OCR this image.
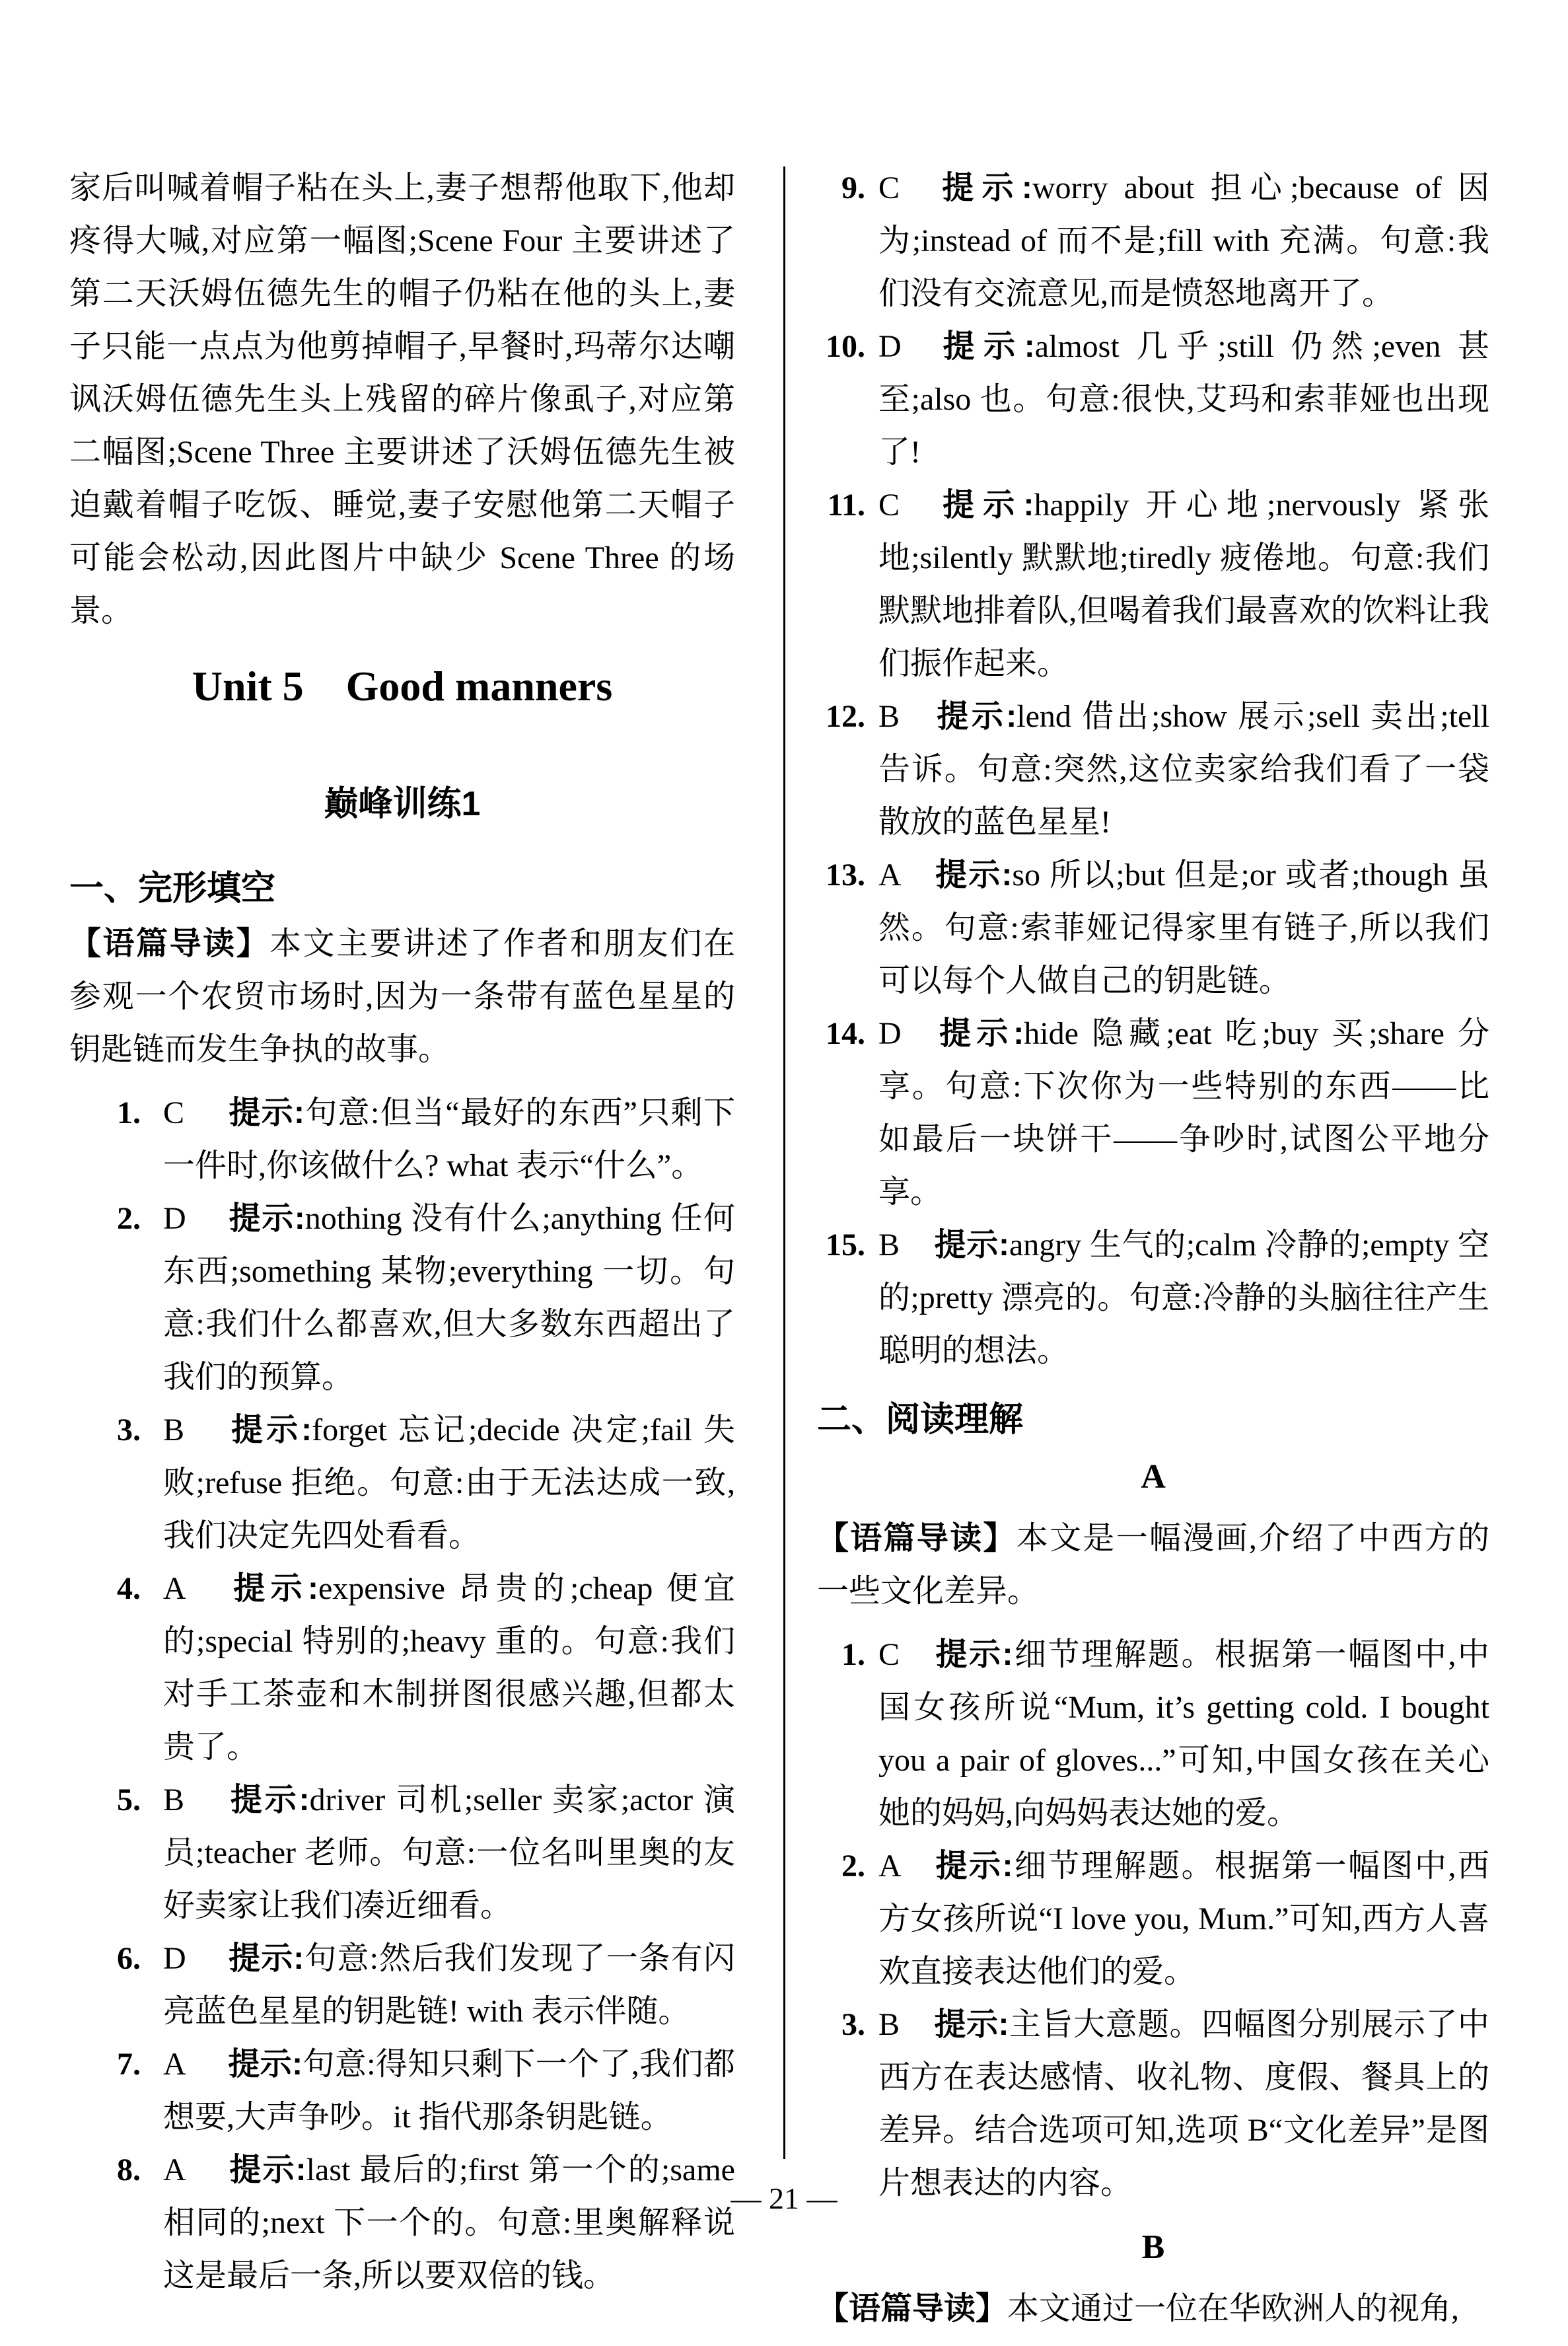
家后叫喊着帽子粘在头上,妻子想帮他取下,他却疼得大喊,对应第一幅图;Scene Four 主要讲述了第二天沃姆伍德先生的帽子仍粘在他的头上,妻子只能一点点为他剪掉帽子,早餐时,玛蒂尔达嘲讽沃姆伍德先生头上残留的碎片像虱子,对应第二幅图;Scene Three 主要讲述了沃姆伍德先生被迫戴着帽子吃饭、睡觉,妻子安慰他第二天帽子可能会松动,因此图片中缺少 Scene Three 的场景。

Unit 5　Good manners
巅峰训练1
一、完形填空

【语篇导读】本文主要讲述了作者和朋友们在参观一个农贸市场时,因为一条带有蓝色星星的钥匙链而发生争执的故事。

1. C 提示:句意:但当“最好的东西”只剩下一件时,你该做什么? what 表示“什么”。
2. D 提示:nothing 没有什么;anything 任何东西;something 某物;everything 一切。句意:我们什么都喜欢,但大多数东西超出了我们的预算。
3. B 提示:forget 忘记;decide 决定;fail 失败;refuse 拒绝。句意:由于无法达成一致,我们决定先四处看看。
4. A 提示:expensive 昂贵的;cheap 便宜的;special 特别的;heavy 重的。句意:我们对手工茶壶和木制拼图很感兴趣,但都太贵了。
5. B 提示:driver 司机;seller 卖家;actor 演员;teacher 老师。句意:一位名叫里奥的友好卖家让我们凑近细看。
6. D 提示:句意:然后我们发现了一条有闪亮蓝色星星的钥匙链! with 表示伴随。
7. A 提示:句意:得知只剩下一个了,我们都想要,大声争吵。it 指代那条钥匙链。
8. A 提示:last 最后的;first 第一个的;same 相同的;next 下一个的。句意:里奥解释说这是最后一条,所以要双倍的钱。
9. C 提示:worry about 担心;because of 因为;instead of 而不是;fill with 充满。句意:我们没有交流意见,而是愤怒地离开了。
10. D 提示:almost 几乎;still 仍然;even 甚至;also 也。句意:很快,艾玛和索菲娅也出现了!
11. C 提示:happily 开心地;nervously 紧张地;silently 默默地;tiredly 疲倦地。句意:我们默默地排着队,但喝着我们最喜欢的饮料让我们振作起来。
12. B 提示:lend 借出;show 展示;sell 卖出;tell 告诉。句意:突然,这位卖家给我们看了一袋散放的蓝色星星!
13. A 提示:so 所以;but 但是;or 或者;though 虽然。句意:索菲娅记得家里有链子,所以我们可以每个人做自己的钥匙链。
14. D 提示:hide 隐藏;eat 吃;buy 买;share 分享。句意:下次你为一些特别的东西——比如最后一块饼干——争吵时,试图公平地分享。
15. B 提示:angry 生气的;calm 冷静的;empty 空的;pretty 漂亮的。句意:冷静的头脑往往产生聪明的想法。
二、阅读理解
A

【语篇导读】本文是一幅漫画,介绍了中西方的一些文化差异。

1. C 提示:细节理解题。根据第一幅图中,中国女孩所说“Mum, it’s getting cold. I bought you a pair of gloves...”可知,中国女孩在关心她的妈妈,向妈妈表达她的爱。
2. A 提示:细节理解题。根据第一幅图中,西方女孩所说“I love you, Mum.”可知,西方人喜欢直接表达他们的爱。
3. B 提示:主旨大意题。四幅图分别展示了中西方在表达感情、收礼物、度假、餐具上的差异。结合选项可知,选项 B“文化差异”是图片想表达的内容。
B

【语篇导读】本文通过一位在华欧洲人的视角,

— 21 —
